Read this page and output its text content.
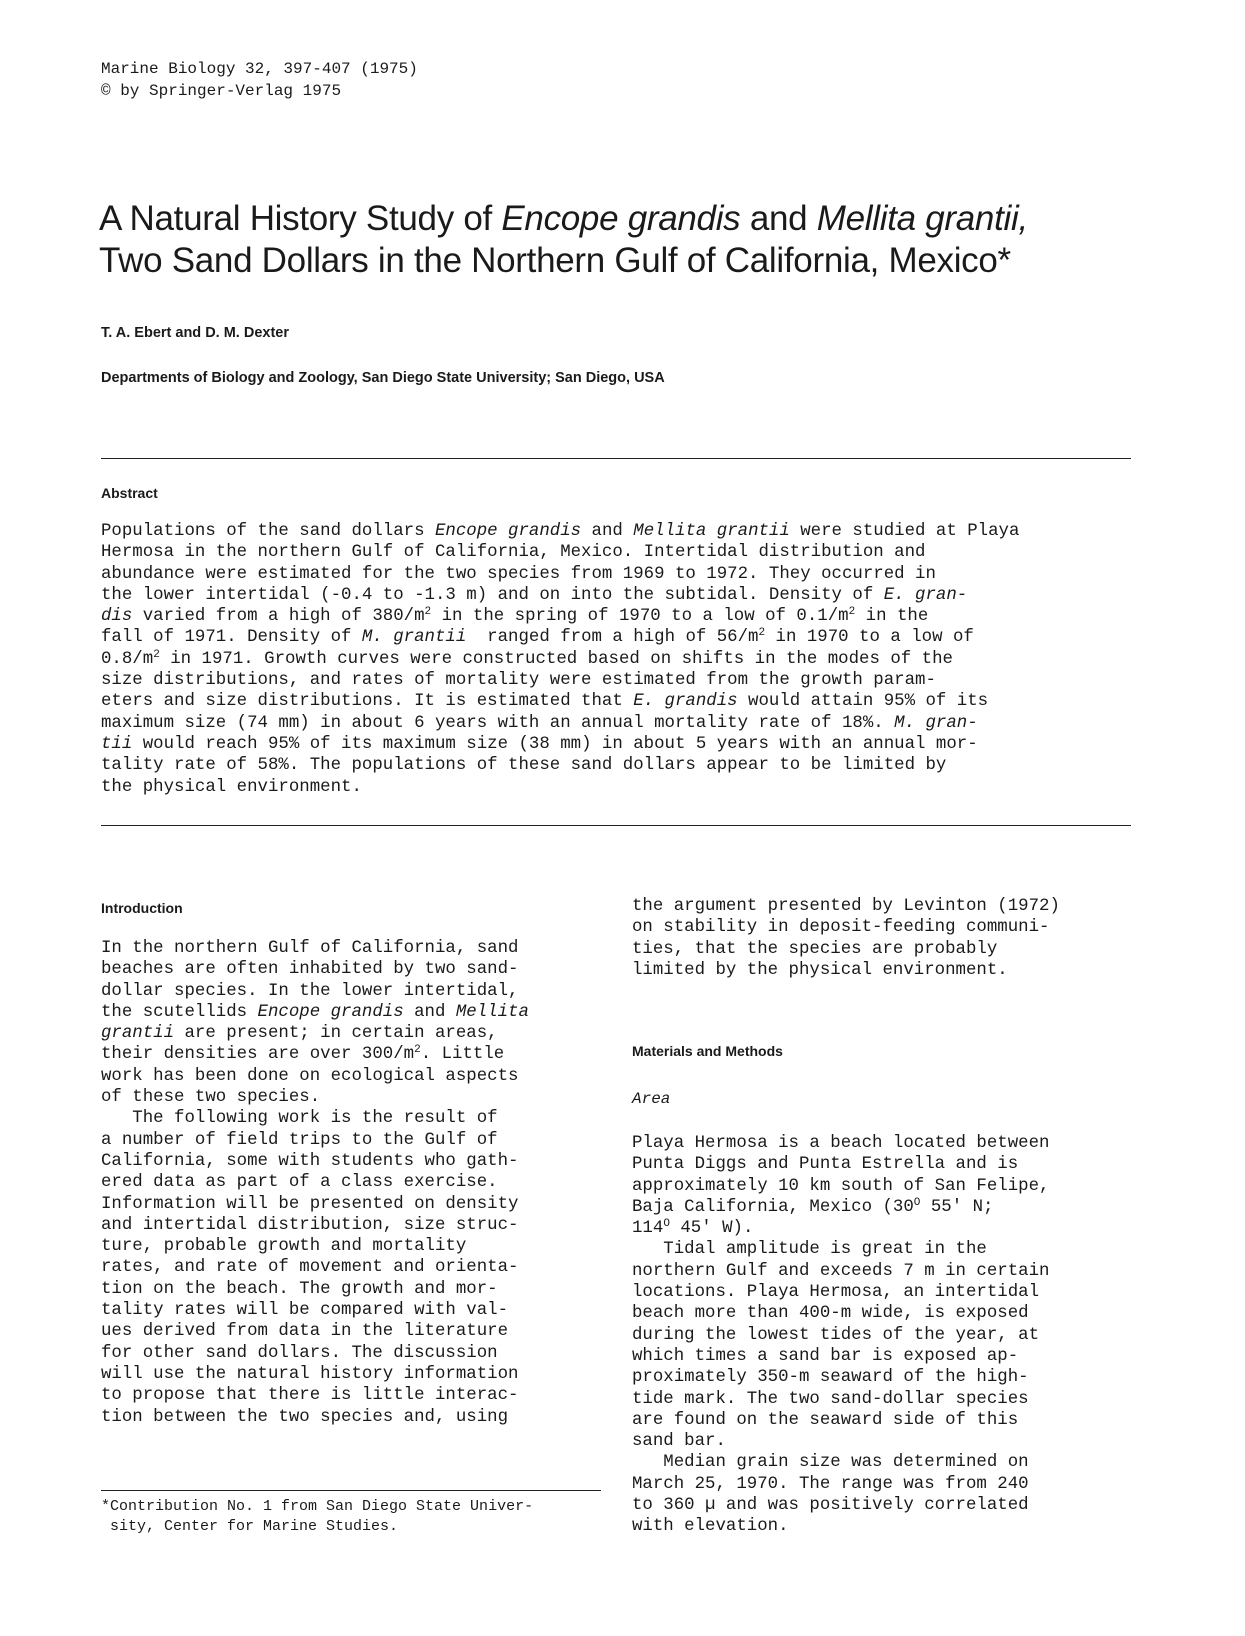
Marine Biology 32, 397-407 (1975)
© by Springer-Verlag 1975
A Natural History Study of Encope grandis and Mellita grantii,
Two Sand Dollars in the Northern Gulf of California, Mexico*
T. A. Ebert and D. M. Dexter
Departments of Biology and Zoology, San Diego State University; San Diego, USA
Abstract
Populations of the sand dollars Encope grandis and Mellita grantii were studied at Playa
Hermosa in the northern Gulf of California, Mexico. Intertidal distribution and
abundance were estimated for the two species from 1969 to 1972. They occurred in
the lower intertidal (-0.4 to -1.3 m) and on into the subtidal. Density of E. gran-
dis varied from a high of $380/m^2$ in the spring of 1970 to a low of $0.1/m^2$ in the
fall of 1971. Density of M. grantii  ranged from a high of $56/m^2$ in 1970 to a low of
$0.8/m^2$ in 1971. Growth curves were constructed based on shifts in the modes of the
size distributions, and rates of mortality were estimated from the growth param-
eters and size distributions. It is estimated that E. grandis would attain 95% of its
maximum size (74 mm) in about 6 years with an annual mortality rate of 18%. M. gran-
tii would reach 95% of its maximum size (38 mm) in about 5 years with an annual mor-
tality rate of 58%. The populations of these sand dollars appear to be limited by
the physical environment.
Introduction
In the northern Gulf of California, sand
beaches are often inhabited by two sand-
dollar species. In the lower intertidal,
the scutellids Encope grandis and Mellita
grantii are present; in certain areas,
their densities are over $300/m^2$. Little
work has been done on ecological aspects
of these two species.
The following work is the result of
a number of field trips to the Gulf of
California, some with students who gath-
ered data as part of a class exercise.
Information will be presented on density
and intertidal distribution, size struc-
ture, probable growth and mortality
rates, and rate of movement and orienta-
tion on the beach. The growth and mor-
tality rates will be compared with val-
ues derived from data in the literature
for other sand dollars. The discussion
will use the natural history information
to propose that there is little interac-
tion between the two species and, using
the argument presented by Levinton (1972)
on stability in deposit-feeding communi-
ties, that the species are probably
limited by the physical environment.
Materials and Methods
Area
Playa Hermosa is a beach located between
Punta Diggs and Punta Estrella and is
approximately 10 km south of San Felipe,
Baja California, Mexico ($30^O$ 55' N;
$114^O$ 45' W).
Tidal amplitude is great in the
northern Gulf and exceeds 7 m in certain
locations. Playa Hermosa, an intertidal
beach more than 400-m wide, is exposed
during the lowest tides of the year, at
which times a sand bar is exposed ap-
proximately 350-m seaward of the high-
tide mark. The two sand-dollar species
are found on the seaward side of this
sand bar.
Median grain size was determined on
March 25, 1970. The range was from 240
to 360 µ and was positively correlated
with elevation.
*Contribution No. 1 from San Diego State Univer-
sity, Center for Marine Studies.
